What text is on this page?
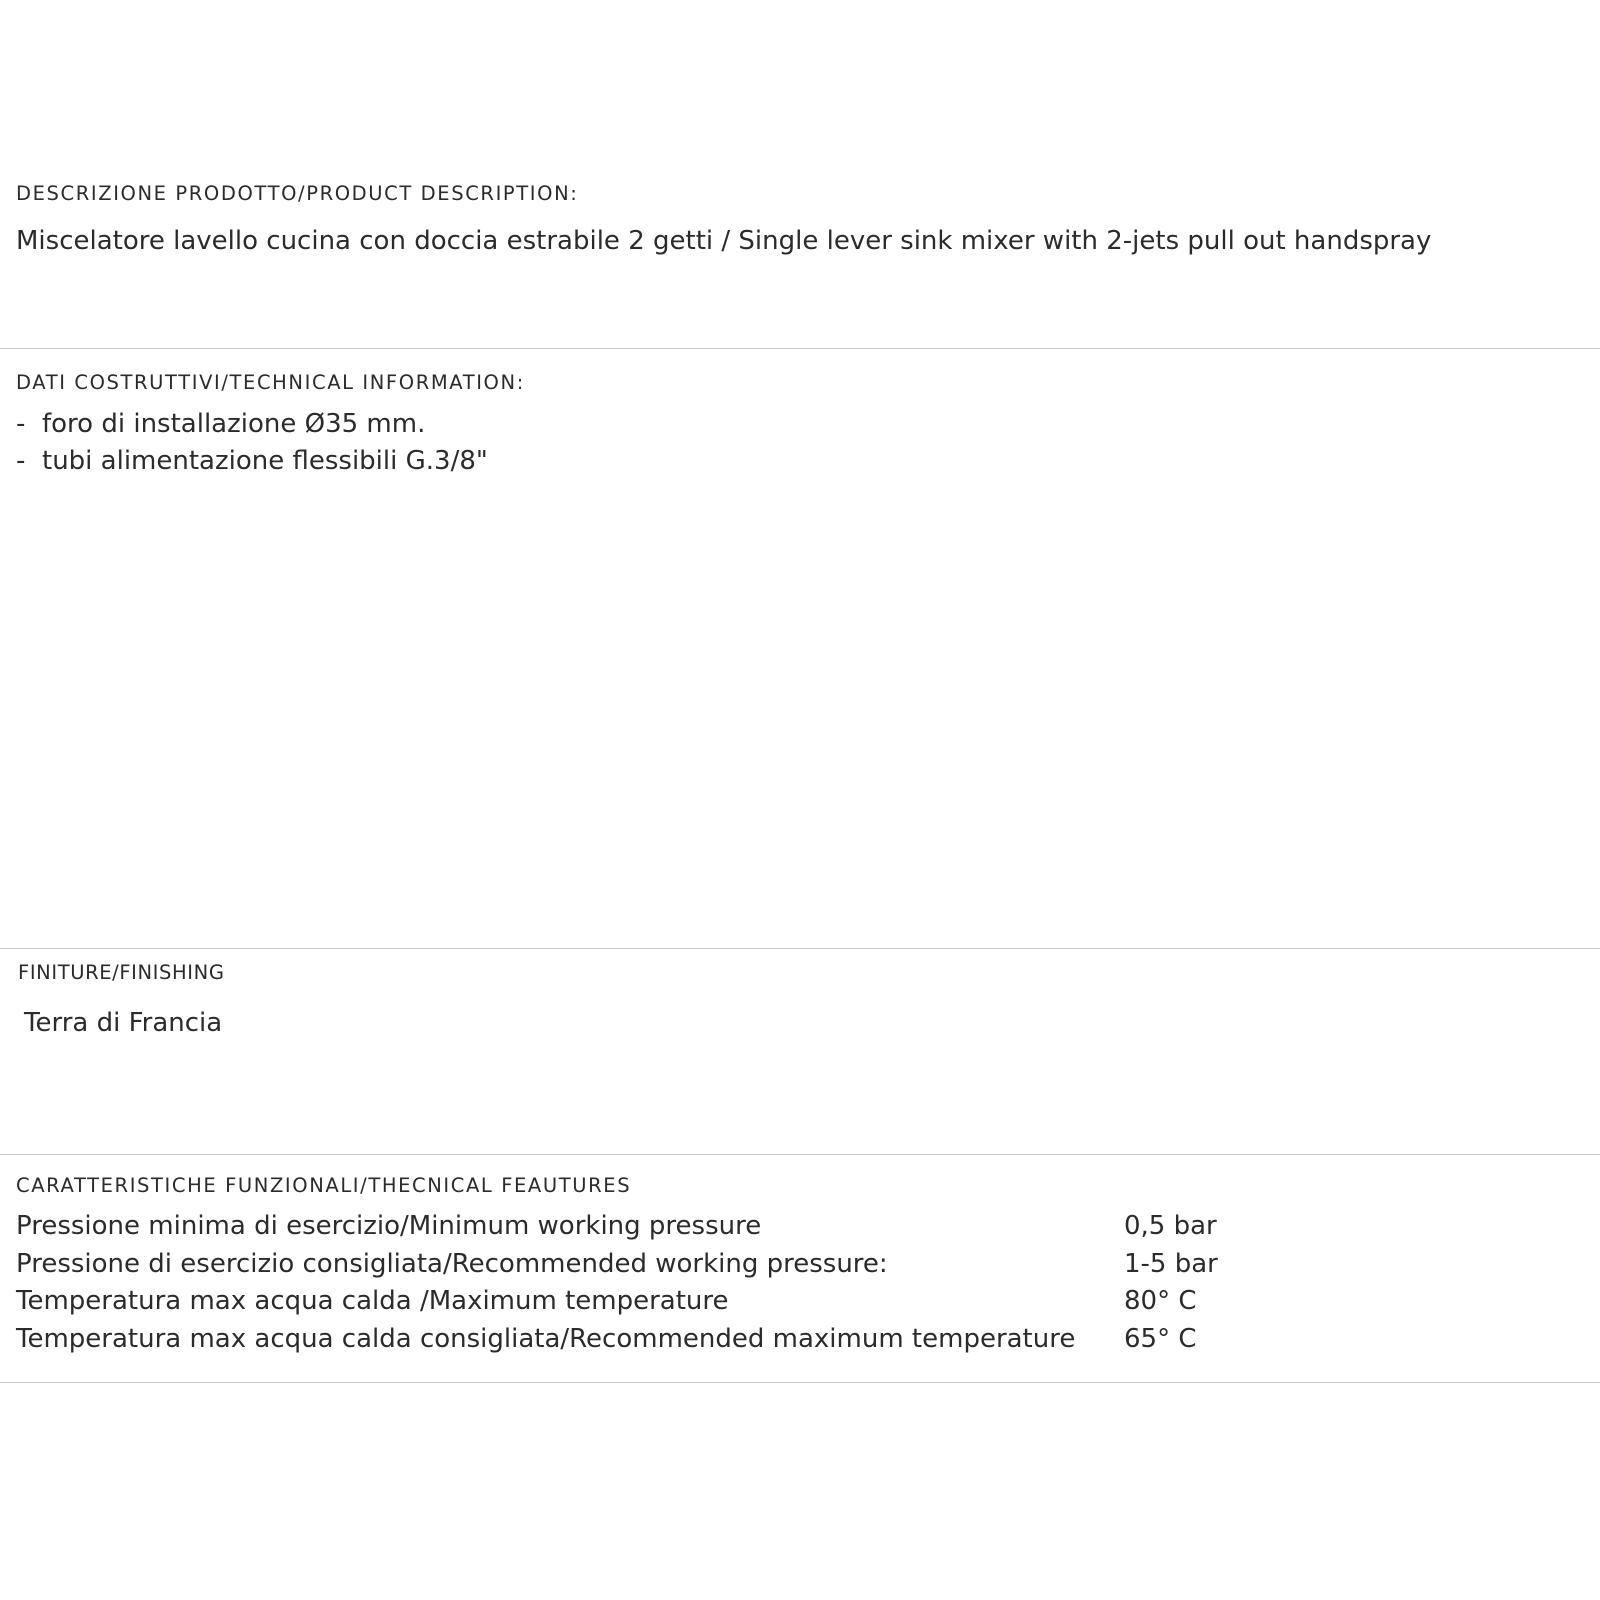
DESCRIZIONE PRODOTTO/PRODUCT DESCRIPTION:
Miscelatore lavello cucina con doccia estrabile 2 getti / Single lever sink mixer with 2-jets pull out handspray
DATI COSTRUTTIVI/TECHNICAL INFORMATION:
- foro di installazione Ø35 mm.
- tubi alimentazione flessibili G.3/8"
FINITURE/FINISHING
Terra di Francia
CARATTERISTICHE FUNZIONALI/THECNICAL FEAUTURES
Pressione minima di esercizio/Minimum working pressure	0,5 bar
Pressione di esercizio consigliata/Recommended working pressure:	1-5 bar
Temperatura max acqua calda /Maximum temperature	80° C
Temperatura max acqua calda consigliata/Recommended maximum temperature 65° C
